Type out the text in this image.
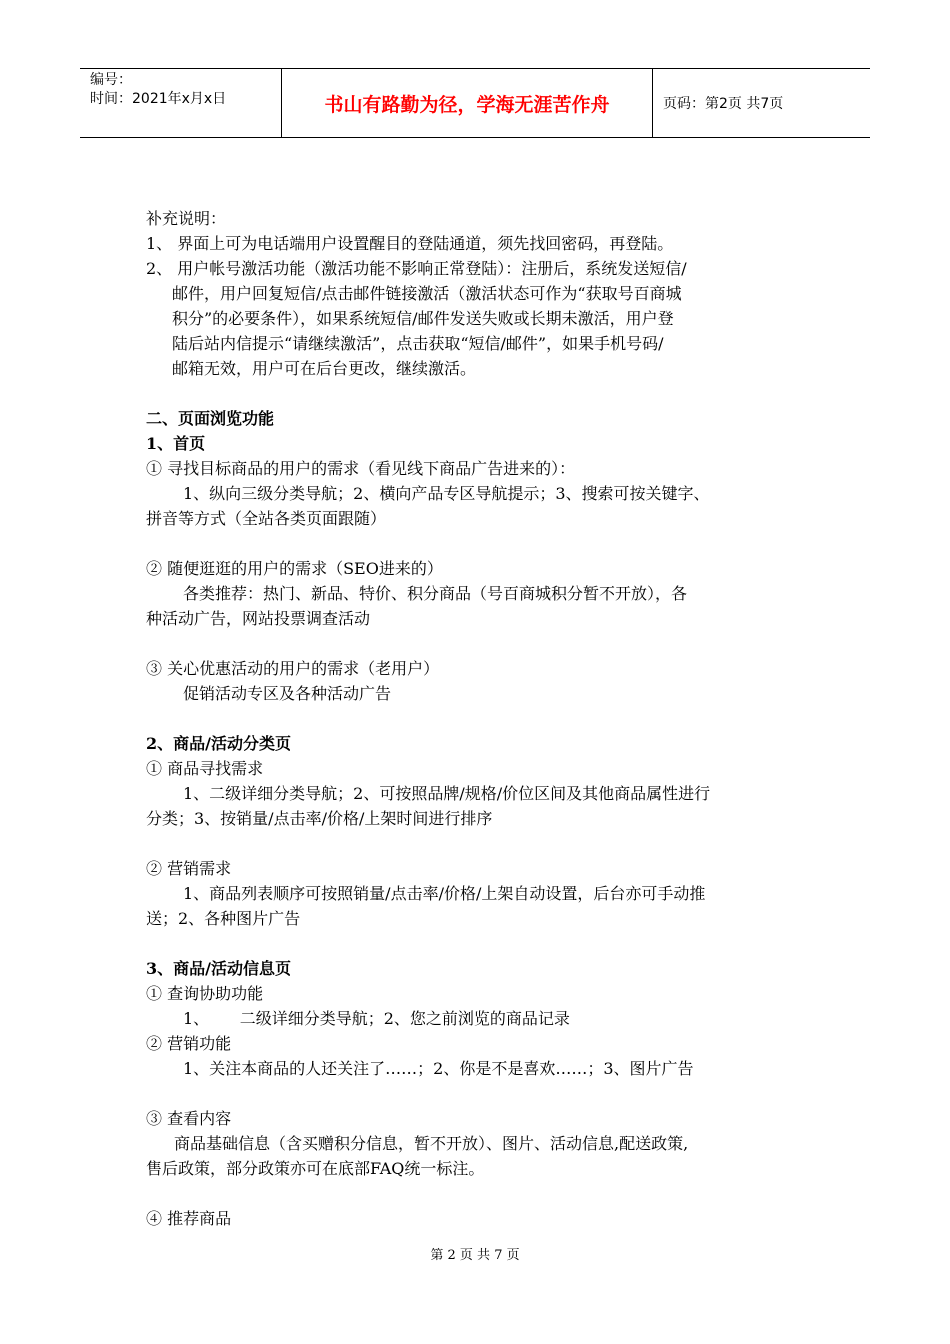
编号：
时间：2021年x月x日	书山有路勤为径，学海无涯苦作舟	页码：第2页 共7页
补充说明：
1、 界面上可为电话端用户设置醒目的登陆通道，须先找回密码，再登陆。
2、 用户帐号激活功能（激活功能不影响正常登陆）：注册后，系统发送短信/
邮件，用户回复短信/点击邮件链接激活（激活状态可作为“获取号百商城
积分”的必要条件），如果系统短信/邮件发送失败或长期未激活，用户登
陆后站内信提示“请继续激活”，点击获取“短信/邮件”，如果手机号码/
邮箱无效，用户可在后台更改，继续激活。
二、页面浏览功能
1、首页
① 寻找目标商品的用户的需求（看见线下商品广告进来的）：
1、纵向三级分类导航；2、横向产品专区导航提示；3、搜索可按关键字、
拼音等方式（全站各类页面跟随）
② 随便逛逛的用户的需求（SEO进来的）
各类推荐：热门、新品、特价、积分商品（号百商城积分暂不开放），各
种活动广告，网站投票调查活动
③ 关心优惠活动的用户的需求（老用户）
促销活动专区及各种活动广告
2、商品/活动分类页
① 商品寻找需求
1、二级详细分类导航；2、可按照品牌/规格/价位区间及其他商品属性进行
分类；3、按销量/点击率/价格/上架时间进行排序
② 营销需求
1、商品列表顺序可按照销量/点击率/价格/上架自动设置，后台亦可手动推
送；2、各种图片广告
3、商品/活动信息页
① 查询协助功能
1、      二级详细分类导航；2、您之前浏览的商品记录
② 营销功能
1、关注本商品的人还关注了……；2、你是不是喜欢……；3、图片广告
③ 查看内容
商品基础信息（含买赠积分信息，暂不开放）、图片、活动信息,配送政策,
售后政策，部分政策亦可在底部FAQ统一标注。
④ 推荐商品
第 2 页 共 7 页
